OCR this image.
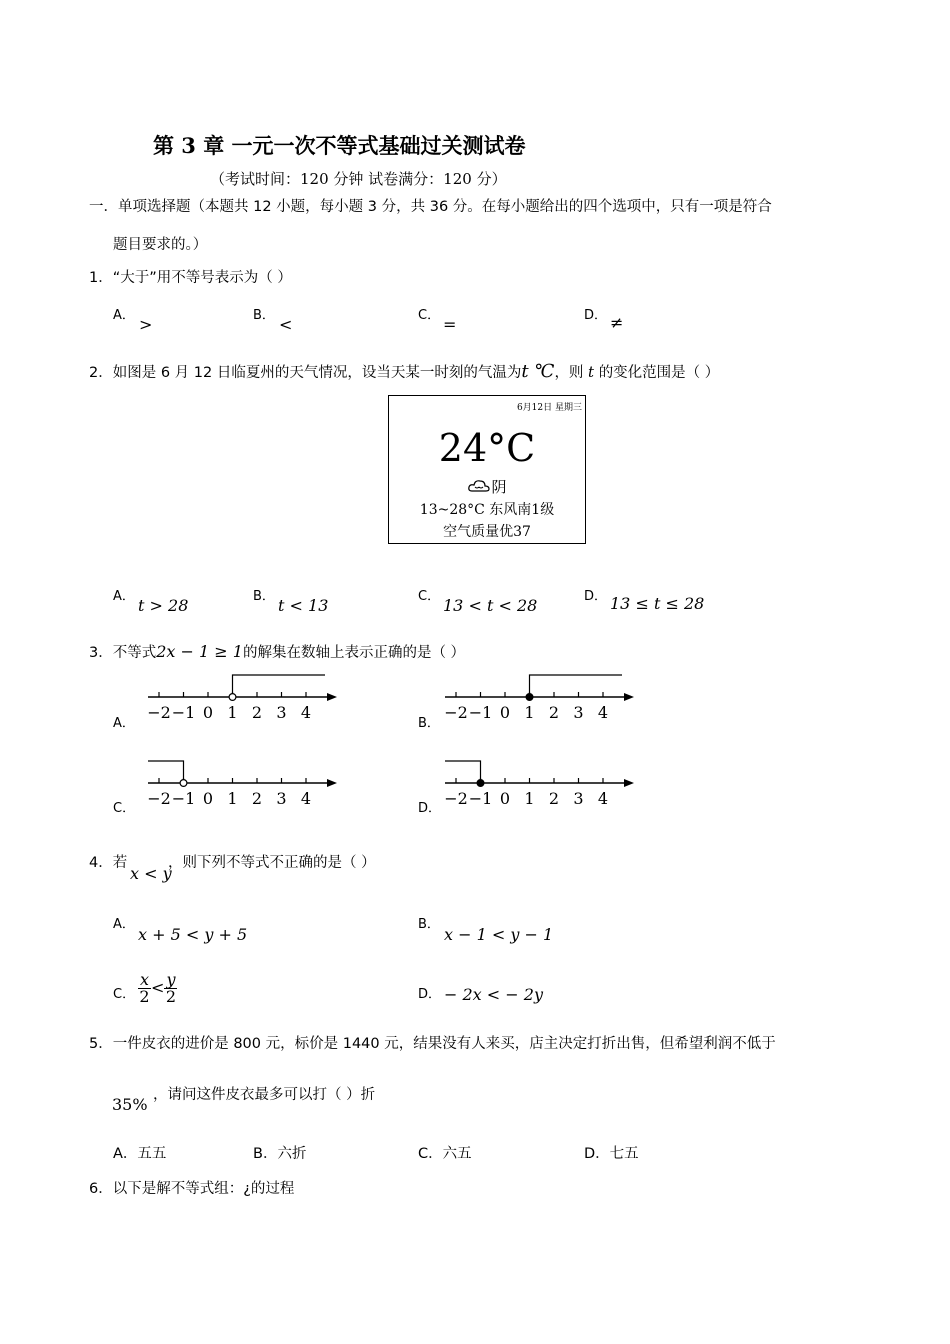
第 3 章 一元一次不等式基础过关测试卷
（考试时间：120 分钟 试卷满分：120 分）
一．单项选择题（本题共 12 小题，每小题 3 分，共 36 分。在每小题给出的四个选项中，只有一项是符合
题目要求的。）
1．“大于”用不等号表示为（ ）
A． >	B． <	C． =	D． ≠
2．如图是 6 月 12 日临夏州的天气情况，设当天某一时刻的气温为t ℃，则 t 的变化范围是（ ）
6月12日 星期三
24°C
阴
13~28°C 东风南1级
空气质量优37
A． t > 28	B． t < 13	C． 13 < t < 28	D． 13 ≤ t ≤ 28
3．不等式2x − 1 ≥ 1的解集在数轴上表示正确的是（ ）
A．
−2 −1 0 1 2 3 4
B．
−2 −1 0 1 2 3 4
C．
−2 −1 0 1 2 3 4
D．
−2 −1 0 1 2 3 4
4．若
x < y
，则下列不等式不正确的是（ ）
A．
x + 5 < y + 5
B．
x − 1 < y − 1
C． $\frac{x}{2} < \frac{y}{2}$	D． − 2x < − 2y
5．一件皮衣的进价是 800 元，标价是 1440 元，结果没有人来买，店主决定打折出售，但希望利润不低于
35% ，请问这件皮衣最多可以打（ ）折
A．五五	B．六折	C．六五	D．七五
6．以下是解不等式组：¿的过程
